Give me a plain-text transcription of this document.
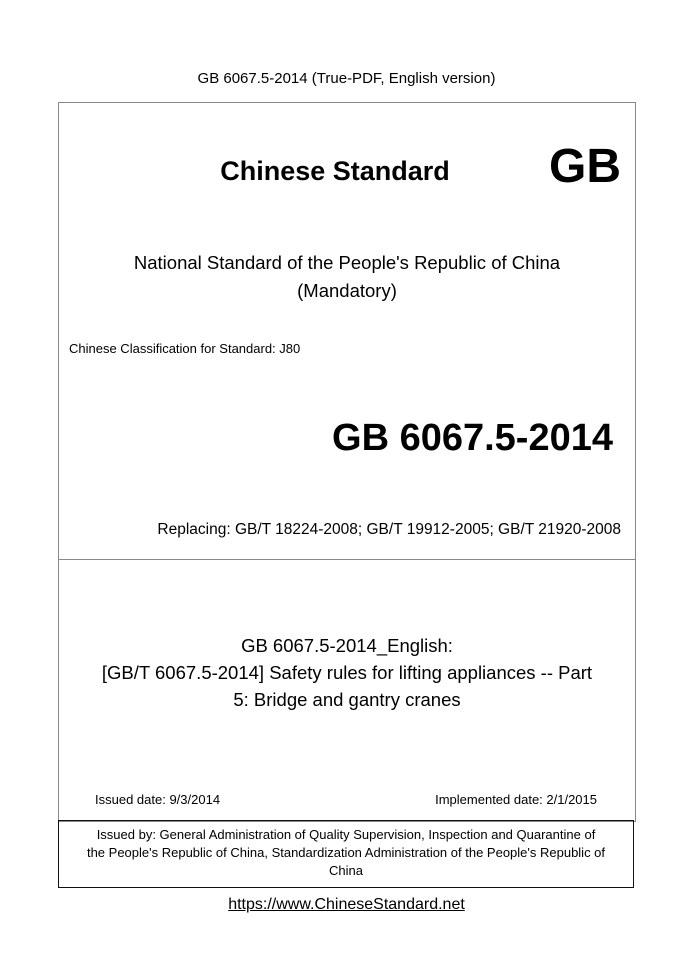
GB 6067.5-2014 (True-PDF, English version)
Chinese Standard	GB
National Standard of the People's Republic of China
(Mandatory)
Chinese Classification for Standard: J80
GB 6067.5-2014
Replacing: GB/T 18224-2008; GB/T 19912-2005; GB/T 21920-2008
GB 6067.5-2014_English:
[GB/T 6067.5-2014] Safety rules for lifting appliances -- Part
5: Bridge and gantry cranes
Issued date: 9/3/2014	Implemented date: 2/1/2015
Issued by: General Administration of Quality Supervision, Inspection and Quarantine of
the People's Republic of China, Standardization Administration of the People's Republic of
China
https://www.ChineseStandard.net
